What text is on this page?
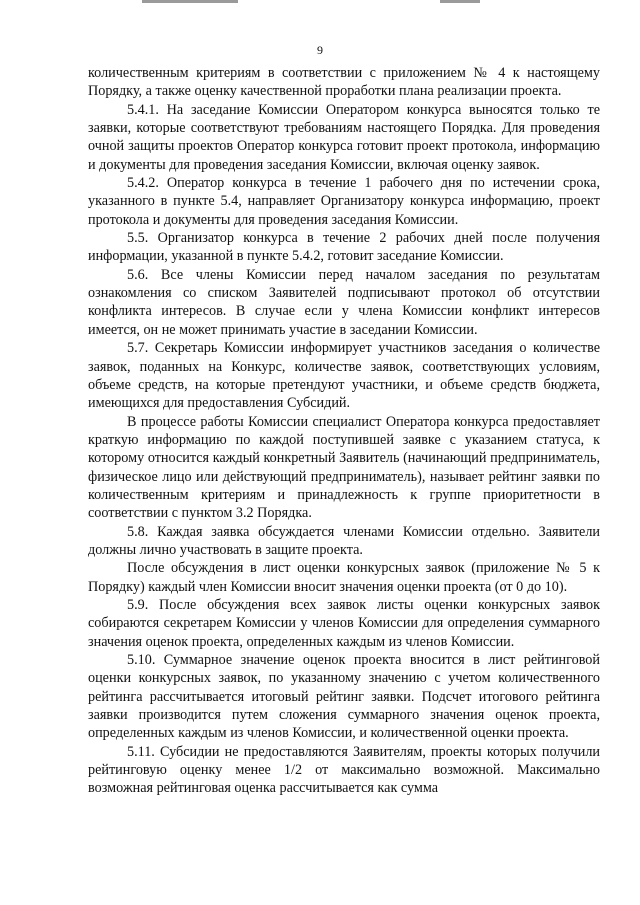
9

количественным критериям в соответствии с приложением № 4 к настоящему Порядку, а также оценку качественной проработки плана реализации проекта.

5.4.1. На заседание Комиссии Оператором конкурса выносятся только те заявки, которые соответствуют требованиям настоящего Порядка. Для проведения очной защиты проектов Оператор конкурса готовит проект протокола, информацию и документы для проведения заседания Комиссии, включая оценку заявок.

5.4.2. Оператор конкурса в течение 1 рабочего дня по истечении срока, указанного в пункте 5.4, направляет Организатору конкурса информацию, проект протокола и документы для проведения заседания Комиссии.

5.5. Организатор конкурса в течение 2 рабочих дней после получения информации, указанной в пункте 5.4.2, готовит заседание Комиссии.

5.6. Все члены Комиссии перед началом заседания по результатам ознакомления со списком Заявителей подписывают протокол об отсутствии конфликта интересов. В случае если у члена Комиссии конфликт интересов имеется, он не может принимать участие в заседании Комиссии.

5.7. Секретарь Комиссии информирует участников заседания о количестве заявок, поданных на Конкурс, количестве заявок, соответствующих условиям, объеме средств, на которые претендуют участники, и объеме средств бюджета, имеющихся для предоставления Субсидий.

В процессе работы Комиссии специалист Оператора конкурса предоставляет краткую информацию по каждой поступившей заявке с указанием статуса, к которому относится каждый конкретный Заявитель (начинающий предприниматель, физическое лицо или действующий предприниматель), называет рейтинг заявки по количественным критериям и принадлежность к группе приоритетности в соответствии с пунктом 3.2 Порядка.

5.8. Каждая заявка обсуждается членами Комиссии отдельно. Заявители должны лично участвовать в защите проекта.

После обсуждения в лист оценки конкурсных заявок (приложение № 5 к Порядку) каждый член Комиссии вносит значения оценки проекта (от 0 до 10).

5.9. После обсуждения всех заявок листы оценки конкурсных заявок собираются секретарем Комиссии у членов Комиссии для определения суммарного значения оценок проекта, определенных каждым из членов Комиссии.

5.10. Суммарное значение оценок проекта вносится в лист рейтинговой оценки конкурсных заявок, по указанному значению с учетом количественного рейтинга рассчитывается итоговый рейтинг заявки. Подсчет итогового рейтинга заявки производится путем сложения суммарного значения оценок проекта, определенных каждым из членов Комиссии, и количественной оценки проекта.

5.11. Субсидии не предоставляются Заявителям, проекты которых получили рейтинговую оценку менее 1/2 от максимально возможной. Максимально возможная рейтинговая оценка рассчитывается как сумма
